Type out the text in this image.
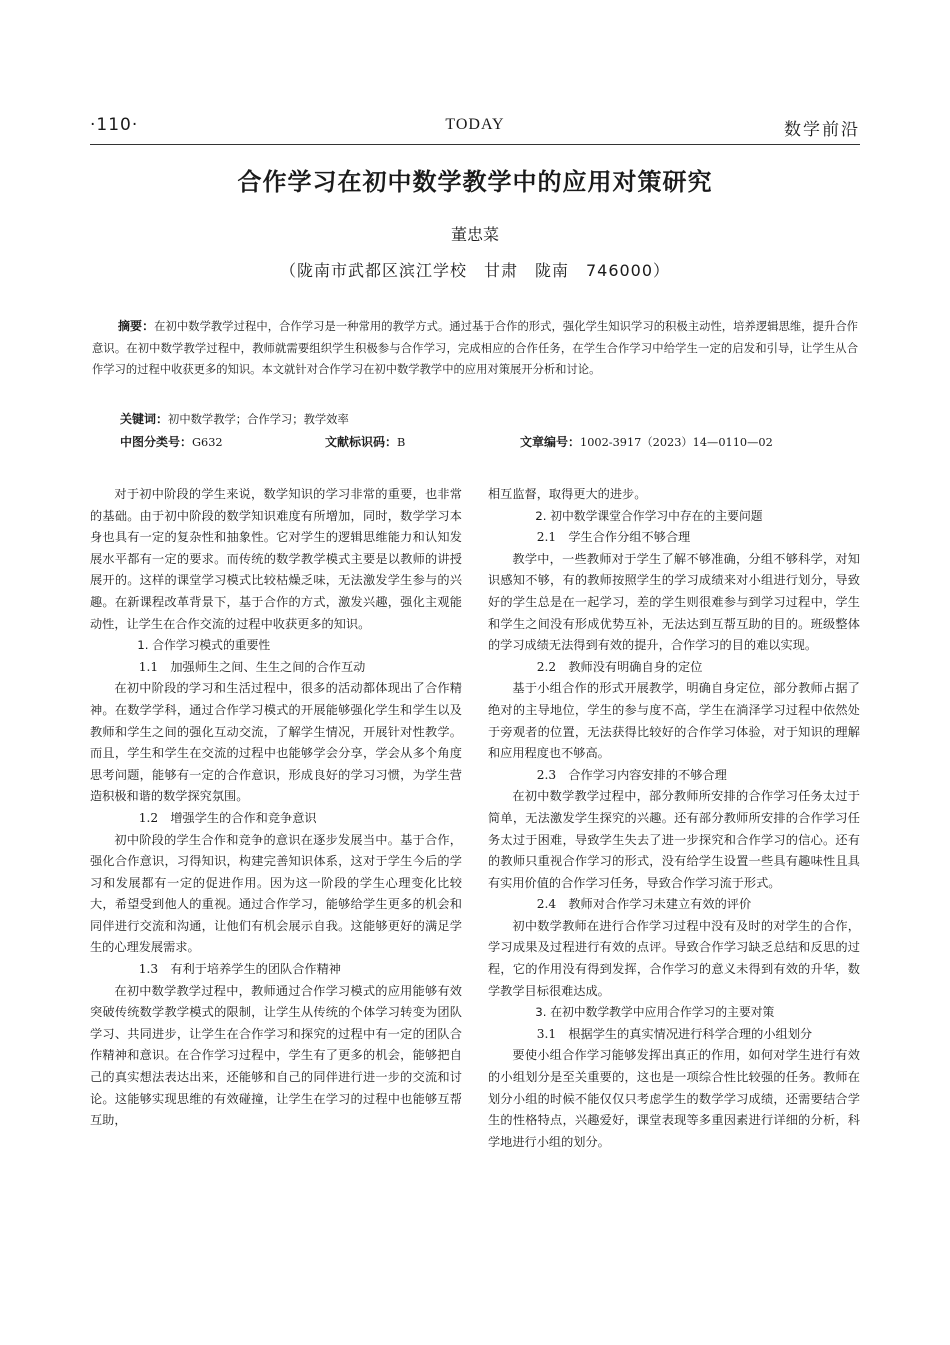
·110·	TODAY	数学前沿
合作学习在初中数学教学中的应用对策研究
董忠菜
（陇南市武都区滨江学校　甘肃　陇南　746000）
摘要：在初中数学教学过程中，合作学习是一种常用的教学方式。通过基于合作的形式，强化学生知识学习的积极主动性，培养逻辑思维，提升合作意识。在初中数学教学过程中，教师就需要组织学生积极参与合作学习，完成相应的合作任务，在学生合作学习中给学生一定的启发和引导，让学生从合作学习的过程中收获更多的知识。本文就针对合作学习在初中数学教学中的应用对策展开分析和讨论。
关键词：初中数学教学；合作学习；教学效率
中图分类号：G632	文献标识码：B	文章编号：1002-3917（2023）14—0110—02

对于初中阶段的学生来说，数学知识的学习非常的重要，也非常的基础。由于初中阶段的数学知识难度有所增加，同时，数学学习本身也具有一定的复杂性和抽象性。它对学生的逻辑思维能力和认知发展水平都有一定的要求。而传统的数学教学模式主要是以教师的讲授展开的。这样的课堂学习模式比较枯燥乏味，无法激发学生参与的兴趣。在新课程改革背景下，基于合作的方式，激发兴趣，强化主观能动性，让学生在合作交流的过程中收获更多的知识。

1. 合作学习模式的重要性

1.1　加强师生之间、生生之间的合作互动

在初中阶段的学习和生活过程中，很多的活动都体现出了合作精神。在数学学科，通过合作学习模式的开展能够强化学生和学生以及教师和学生之间的强化互动交流，了解学生情况，开展针对性教学。而且，学生和学生在交流的过程中也能够学会分享，学会从多个角度思考问题，能够有一定的合作意识，形成良好的学习习惯，为学生营造积极和谐的数学探究氛围。

1.2　增强学生的合作和竞争意识

初中阶段的学生合作和竞争的意识在逐步发展当中。基于合作，强化合作意识，习得知识，构建完善知识体系，这对于学生今后的学习和发展都有一定的促进作用。因为这一阶段的学生心理变化比较大，希望受到他人的重视。通过合作学习，能够给学生更多的机会和同伴进行交流和沟通，让他们有机会展示自我。这能够更好的满足学生的心理发展需求。

1.3　有利于培养学生的团队合作精神

在初中数学教学过程中，教师通过合作学习模式的应用能够有效突破传统数学教学模式的限制，让学生从传统的个体学习转变为团队学习、共同进步，让学生在合作学习和探究的过程中有一定的团队合作精神和意识。在合作学习过程中，学生有了更多的机会，能够把自己的真实想法表达出来，还能够和自己的同伴进行进一步的交流和讨论。这能够实现思维的有效碰撞，让学生在学习的过程中也能够互帮互助，

相互监督，取得更大的进步。

2. 初中数学课堂合作学习中存在的主要问题

2.1　学生合作分组不够合理

教学中，一些教师对于学生了解不够准确，分组不够科学，对知识感知不够，有的教师按照学生的学习成绩来对小组进行划分，导致好的学生总是在一起学习，差的学生则很难参与到学习过程中，学生和学生之间没有形成优势互补，无法达到互帮互助的目的。班级整体的学习成绩无法得到有效的提升，合作学习的目的难以实现。

2.2　教师没有明确自身的定位

基于小组合作的形式开展教学，明确自身定位，部分教师占据了绝对的主导地位，学生的参与度不高，学生在淌泽学习过程中依然处于旁观者的位置，无法获得比较好的合作学习体验，对于知识的理解和应用程度也不够高。

2.3　合作学习内容安排的不够合理

在初中数学教学过程中，部分教师所安排的合作学习任务太过于简单，无法激发学生探究的兴趣。还有部分教师所安排的合作学习任务太过于困难，导致学生失去了进一步探究和合作学习的信心。还有的教师只重视合作学习的形式，没有给学生设置一些具有趣味性且具有实用价值的合作学习任务，导致合作学习流于形式。

2.4　教师对合作学习未建立有效的评价

初中数学教师在进行合作学习过程中没有及时的对学生的合作，学习成果及过程进行有效的点评。导致合作学习缺乏总结和反思的过程，它的作用没有得到发挥，合作学习的意义未得到有效的升华，数学教学目标很难达成。

3. 在初中数学教学中应用合作学习的主要对策

3.1　根据学生的真实情况进行科学合理的小组划分

要使小组合作学习能够发挥出真正的作用，如何对学生进行有效的小组划分是至关重要的，这也是一项综合性比较强的任务。教师在划分小组的时候不能仅仅只考虑学生的数学学习成绩，还需要结合学生的性格特点，兴趣爱好，课堂表现等多重因素进行详细的分析，科学地进行小组的划分。
